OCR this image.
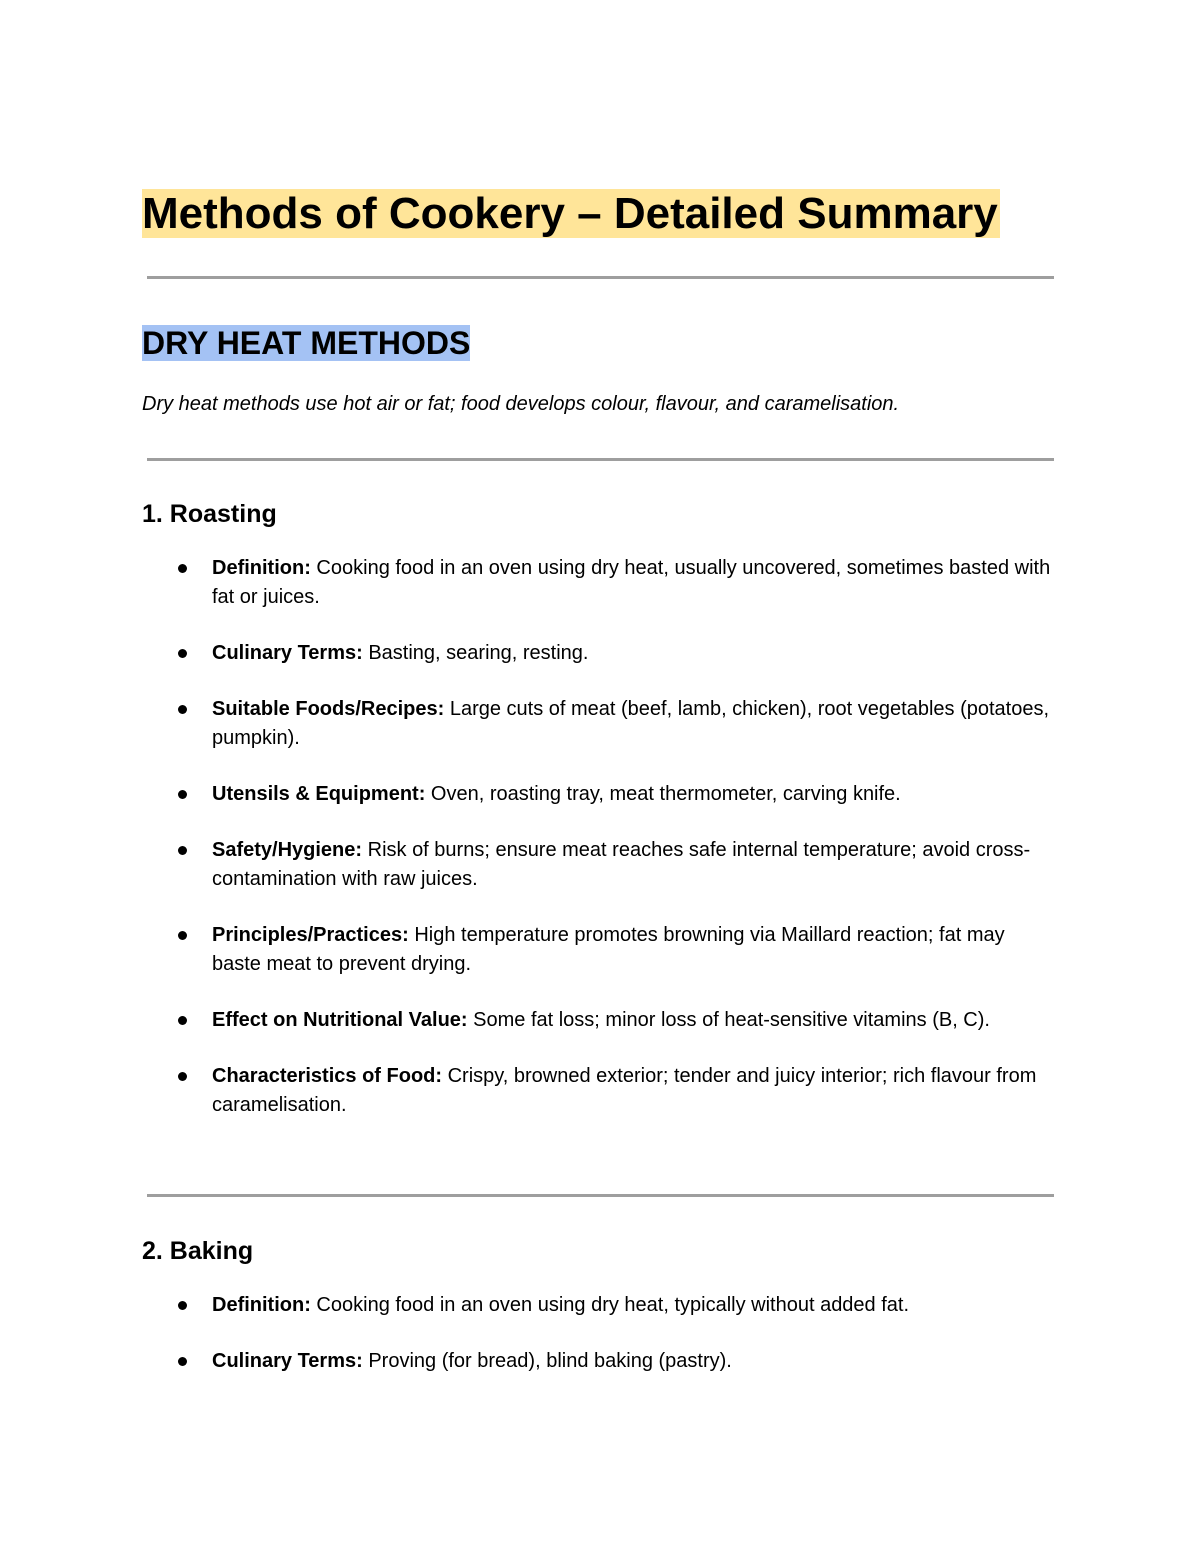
Methods of Cookery – Detailed Summary
DRY HEAT METHODS

Dry heat methods use hot air or fat; food develops colour, flavour, and caramelisation.

1. Roasting
Definition: Cooking food in an oven using dry heat, usually uncovered, sometimes basted with fat or juices.
Culinary Terms: Basting, searing, resting.
Suitable Foods/Recipes: Large cuts of meat (beef, lamb, chicken), root vegetables (potatoes, pumpkin).
Utensils & Equipment: Oven, roasting tray, meat thermometer, carving knife.
Safety/Hygiene: Risk of burns; ensure meat reaches safe internal temperature; avoid cross-contamination with raw juices.
Principles/Practices: High temperature promotes browning via Maillard reaction; fat may baste meat to prevent drying.
Effect on Nutritional Value: Some fat loss; minor loss of heat-sensitive vitamins (B, C).
Characteristics of Food: Crispy, browned exterior; tender and juicy interior; rich flavour from caramelisation.
2. Baking
Definition: Cooking food in an oven using dry heat, typically without added fat.
Culinary Terms: Proving (for bread), blind baking (pastry).
